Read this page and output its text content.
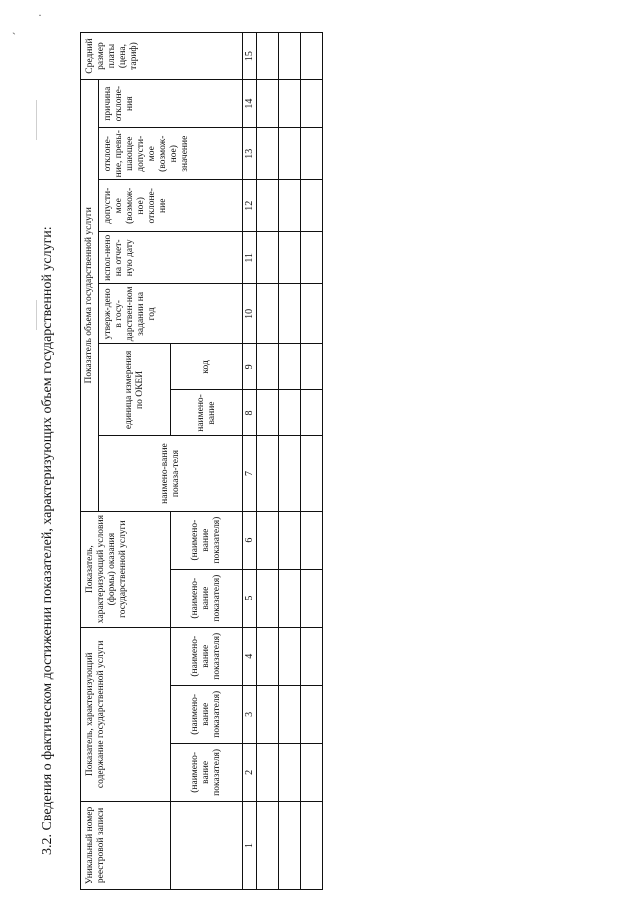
·
`
3.2. Сведения о фактическом достижении показателей, характеризующих объем государственной услуги:	Уникальный номер реестровой записи	Показатель, характеризующий содержание государственной услуги			Показатель, характеризующий условия (формы) оказания государственной услуги		Показатель объема государственной услуги								Средний размер платы (цена, тариф)
						наимено-вание показа-теля	единица измерения по ОКЕИ		утверж-дено в госу-дарствен-ном задании на год	испол-нено на отчет-ную дату	допусти-мое (возмож-ное) отклоне-ние	отклоне-ние, превы-шающее допусти-мое (возмож-ное) значение	причина отклоне-ния	
	(наимено-вание показателя)	(наимено-вание показателя)	(наимено-вание показателя)	(наимено-вание показателя)	(наимено-вание показателя)		наимено-вание	код						
1	2	3	4	5	6	7	8	9	10	11	12	13	14	15
